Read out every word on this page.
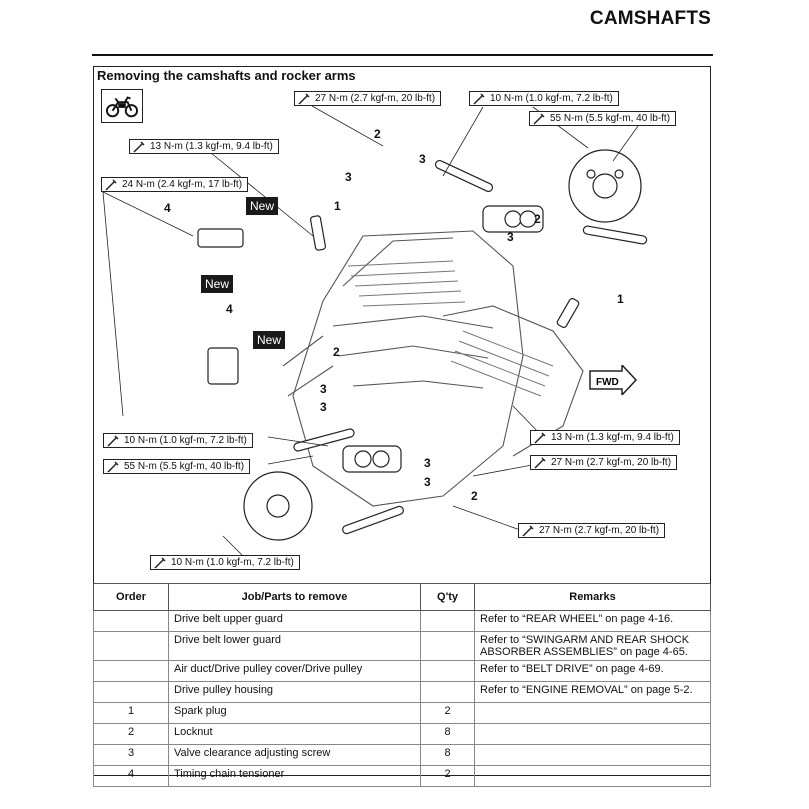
CAMSHAFTS
Removing the camshafts and rocker arms
New
New
New
27 N-m (2.7 kgf-m, 20 lb-ft)	10 N-m (1.0 kgf-m, 7.2 lb-ft)
55 N-m (5.5 kgf-m, 40 lb-ft)
13 N-m (1.3 kgf-m, 9.4 lb-ft)
24 N-m (2.4 kgf-m, 17 lb-ft)
10 N-m (1.0 kgf-m, 7.2 lb-ft)
55 N-m (5.5 kgf-m, 40 lb-ft)
13 N-m (1.3 kgf-m, 9.4 lb-ft)
27 N-m (2.7 kgf-m, 20 lb-ft)
27 N-m (2.7 kgf-m, 20 lb-ft)
10 N-m (1.0 kgf-m, 7.2 lb-ft)
2
3
3
1
4
2
3
1
4
2
3
3
3
3
2
FWD
Order	Job/Parts to remove	Q'ty	Remarks
	Drive belt upper guard		Refer to “REAR WHEEL” on page 4-16.
	Drive belt lower guard		Refer to “SWINGARM AND REAR SHOCK ABSORBER ASSEMBLIES” on page 4-65.
	Air duct/Drive pulley cover/Drive pulley		Refer to “BELT DRIVE” on page 4-69.
	Drive pulley housing		Refer to “ENGINE REMOVAL” on page 5-2.
1	Spark plug	2	
2	Locknut	8	
3	Valve clearance adjusting screw	8	
4	Timing chain tensioner	2	
